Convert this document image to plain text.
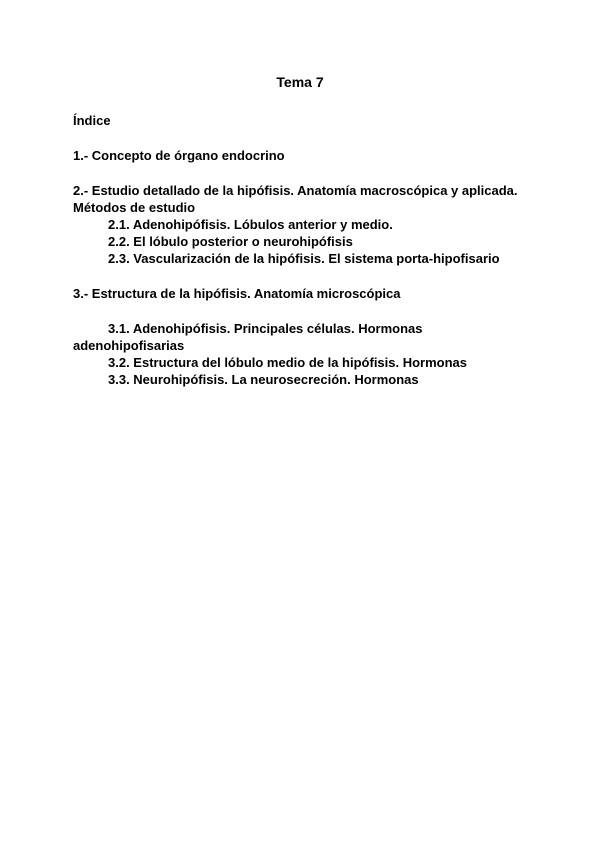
Tema 7
Índice
1.- Concepto de órgano endocrino
2.- Estudio detallado de la hipófisis. Anatomía macroscópica y aplicada.
Métodos de estudio
2.1. Adenohipófisis. Lóbulos anterior y medio.
2.2. El lóbulo posterior o neurohipófisis
2.3. Vascularización de la hipófisis. El sistema porta-hipofisario
3.- Estructura de la hipófisis. Anatomía microscópica
3.1. Adenohipófisis. Principales células. Hormonas
adenohipofisarias
3.2. Estructura del lóbulo medio de la hipófisis. Hormonas
3.3. Neurohipófisis. La neurosecreción. Hormonas
